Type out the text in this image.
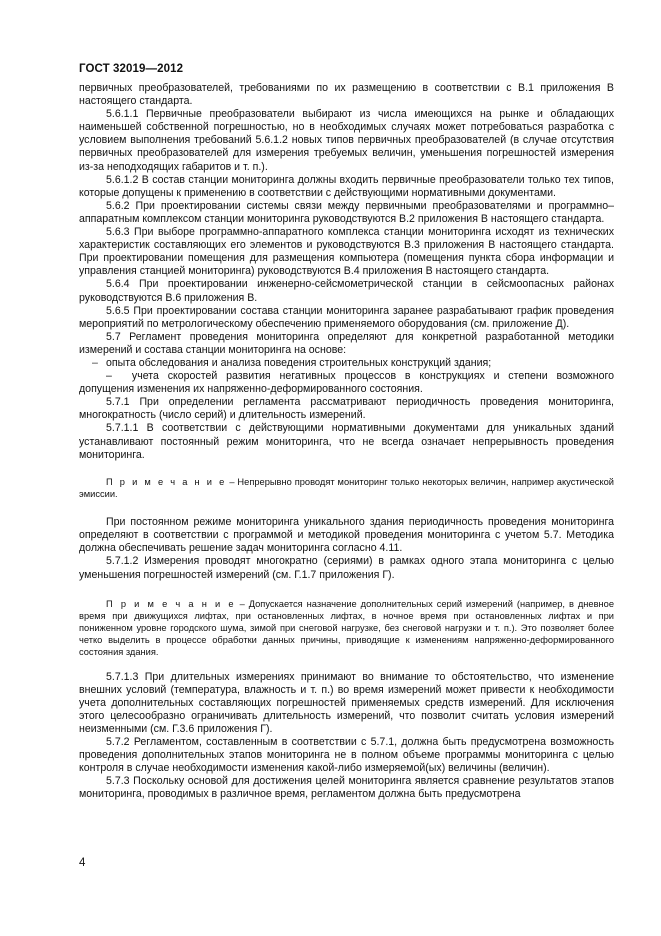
ГОСТ 32019—2012

первичных преобразователей, требованиями по их размещению в соответствии с В.1 приложения В настоящего стандарта.

5.6.1.1 Первичные преобразователи выбирают из числа имеющихся на рынке и обладающих наименьшей собственной погрешностью, но в необходимых случаях может потребоваться разработка с условием выполнения требований 5.6.1.2 новых типов первичных преобразователей (в случае отсутствия первичных преобразователей для измерения требуемых величин, уменьшения погрешностей измерения из-за неподходящих габаритов и т. п.).

5.6.1.2 В состав станции мониторинга должны входить первичные преобразователи только тех типов, которые допущены к применению в соответствии с действующими нормативными документами.

5.6.2 При проектировании системы связи между первичными преобразователями и программно–аппаратным комплексом станции мониторинга руководствуются В.2 приложения В настоящего стандарта.

5.6.3 При выборе программно-аппаратного комплекса станции мониторинга исходят из технических характеристик составляющих его элементов и руководствуются В.3 приложения В настоящего стандарта. При проектировании помещения для размещения компьютера (помещения пункта сбора информации и управления станцией мониторинга) руководствуются В.4 приложения В настоящего стандарта.

5.6.4 При проектировании инженерно-сейсмометрической станции в сейсмоопасных районах руководствуются В.6 приложения В.

5.6.5 При проектировании состава станции мониторинга заранее разрабатывают график проведения мероприятий по метрологическому обеспечению применяемого оборудования (см. приложение Д).

5.7 Регламент проведения мониторинга определяют для конкретной разработанной методики измерений и состава станции мониторинга на основе:

– опыта обследования и анализа поведения строительных конструкций здания;

– учета скоростей развития негативных процессов в конструкциях и степени возможного допущения изменения их напряженно-деформированного состояния.

5.7.1 При определении регламента рассматривают периодичность проведения мониторинга, многократность (число серий) и длительность измерений.

5.7.1.1 В соответствии с действующими нормативными документами для уникальных зданий устанавливают постоянный режим мониторинга, что не всегда означает непрерывность проведения мониторинга.

П р и м е ч а н и е – Непрерывно проводят мониторинг только некоторых величин, например акустической эмиссии.

При постоянном режиме мониторинга уникального здания периодичность проведения мониторинга определяют в соответствии с программой и методикой проведения мониторинга с учетом 5.7. Методика должна обеспечивать решение задач мониторинга согласно 4.11.

5.7.1.2 Измерения проводят многократно (сериями) в рамках одного этапа мониторинга с целью уменьшения погрешностей измерений (см. Г.1.7 приложения Г).

П р и м е ч а н и е – Допускается назначение дополнительных серий измерений (например, в дневное время при движущихся лифтах, при остановленных лифтах, в ночное время при остановленных лифтах и при пониженном уровне городского шума, зимой при снеговой нагрузке, без снеговой нагрузки и т. п.). Это позволяет более четко выделить в процессе обработки данных причины, приводящие к изменениям напряженно-деформированного состояния здания.

5.7.1.3 При длительных измерениях принимают во внимание то обстоятельство, что изменение внешних условий (температура, влажность и т. п.) во время измерений может привести к необходимости учета дополнительных составляющих погрешностей применяемых средств измерений. Для исключения этого целесообразно ограничивать длительность измерений, что позволит считать условия измерений неизменными (см. Г.3.6 приложения Г).

5.7.2 Регламентом, составленным в соответствии с 5.7.1, должна быть предусмотрена возможность проведения дополнительных этапов мониторинга не в полном объеме программы мониторинга с целью контроля в случае необходимости изменения какой-либо измеряемой(ых) величины (величин).

5.7.3 Поскольку основой для достижения целей мониторинга является сравнение результатов этапов мониторинга, проводимых в различное время, регламентом должна быть предусмотрена

4
